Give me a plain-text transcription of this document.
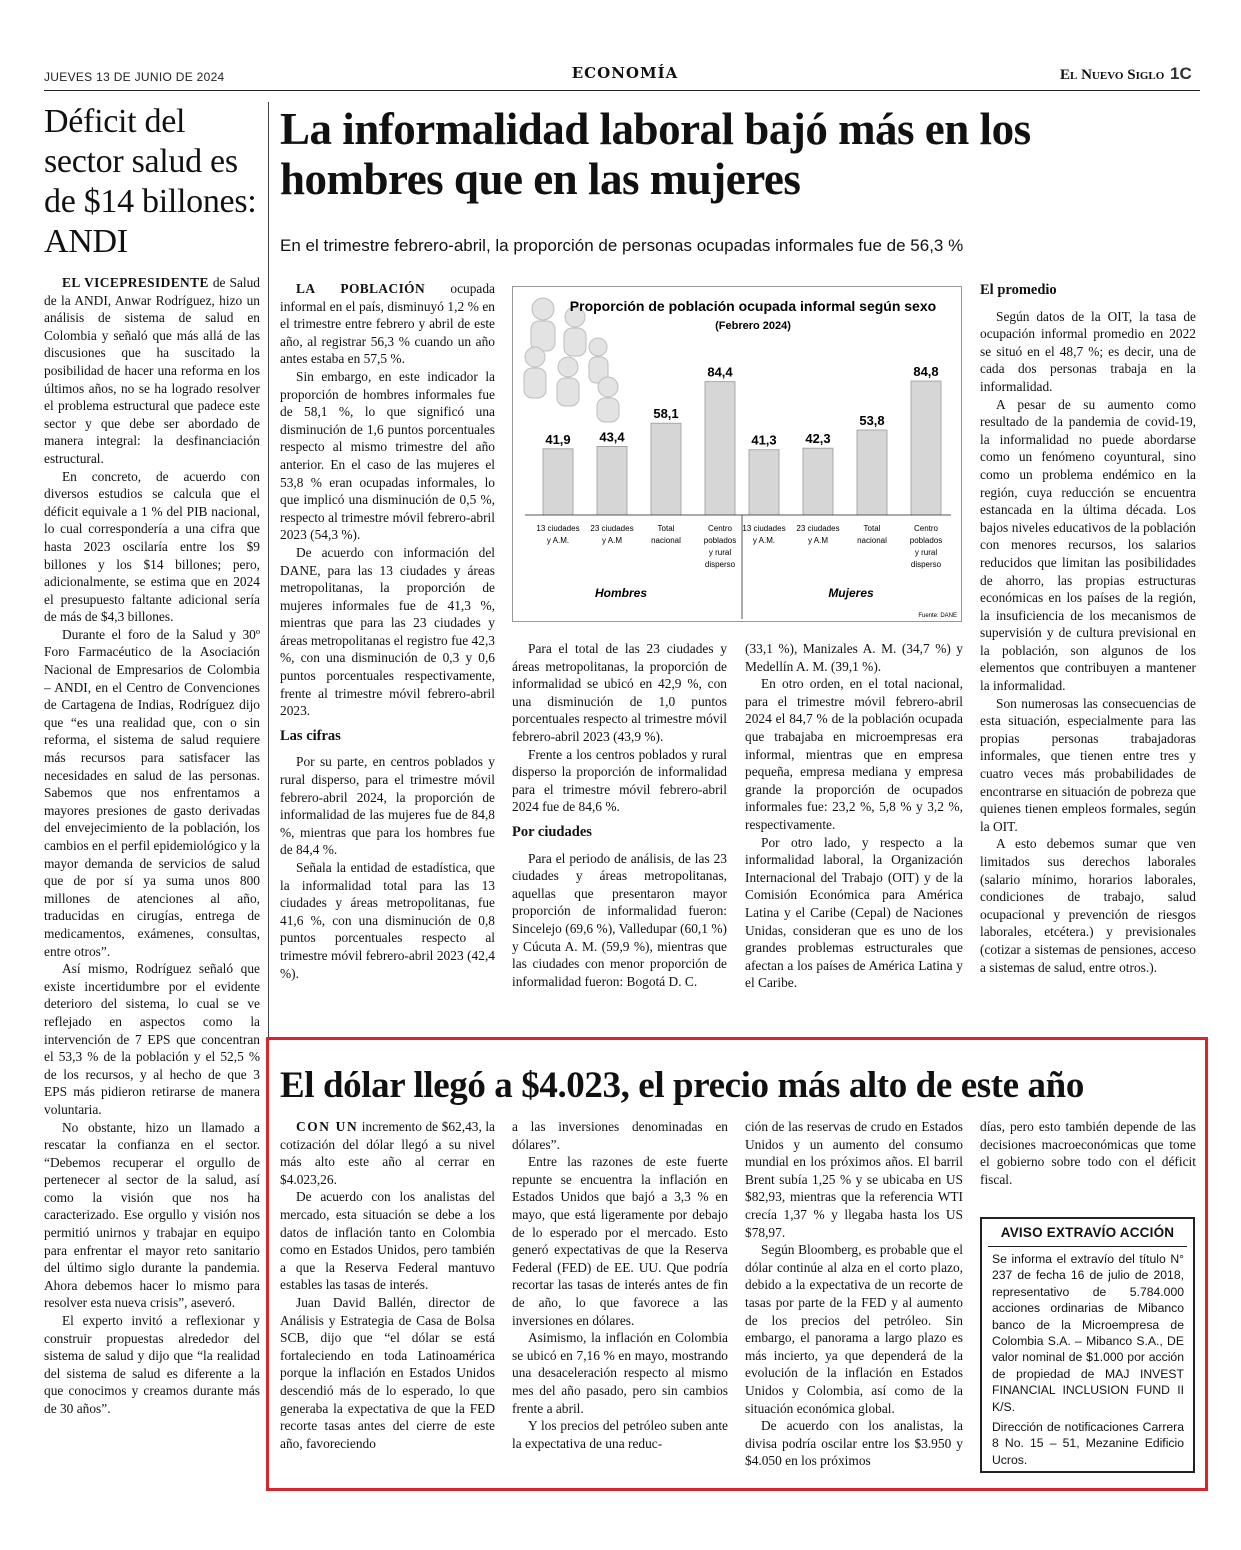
JUEVES 13 DE JUNIO DE 2024	ECONOMÍA	El Nuevo Siglo 1C
Déficit del sector salud es de $14 billones: ANDI

EL VICEPRESIDENTE de Salud de la ANDI, Anwar Rodríguez, hizo un análisis de sistema de salud en Colombia y señaló que más allá de las discusiones que ha suscitado la posibilidad de hacer una reforma en los últimos años, no se ha logrado resolver el problema estructural que padece este sector y que debe ser abordado de manera integral: la desfinanciación estructural.

En concreto, de acuerdo con diversos estudios se calcula que el déficit equivale a 1 % del PIB nacional, lo cual correspondería a una cifra que hasta 2023 oscilaría entre los $9 billones y los $14 billones; pero, adicionalmente, se estima que en 2024 el presupuesto faltante adicional sería de más de $4,3 billones.

Durante el foro de la Salud y 30º Foro Farmacéutico de la Asociación Nacional de Empresarios de Colombia – ANDI, en el Centro de Convenciones de Cartagena de Indias, Rodríguez dijo que “es una realidad que, con o sin reforma, el sistema de salud requiere más recursos para satisfacer las necesidades en salud de las personas. Sabemos que nos enfrentamos a mayores presiones de gasto derivadas del envejecimiento de la población, los cambios en el perfil epidemiológico y la mayor demanda de servicios de salud que de por sí ya suma unos 800 millones de atenciones al año, traducidas en cirugías, entrega de medicamentos, exámenes, consultas, entre otros”.

Así mismo, Rodríguez señaló que existe incertidumbre por el evidente deterioro del sistema, lo cual se ve reflejado en aspectos como la intervención de 7 EPS que concentran el 53,3 % de la población y el 52,5 % de los recursos, y al hecho de que 3 EPS más pidieron retirarse de manera voluntaria.

No obstante, hizo un llamado a rescatar la confianza en el sector. “Debemos recuperar el orgullo de pertenecer al sector de la salud, así como la visión que nos ha caracterizado. Ese orgullo y visión nos permitió unirnos y trabajar en equipo para enfrentar el mayor reto sanitario del último siglo durante la pandemia. Ahora debemos hacer lo mismo para resolver esta nueva crisis”, aseveró.

El experto invitó a reflexionar y construir propuestas alrededor del sistema de salud y dijo que “la realidad del sistema de salud es diferente a la que conocimos y creamos durante más de 30 años”.

La informalidad laboral bajó más en los hombres que en las mujeres
En el trimestre febrero-abril, la proporción de personas ocupadas informales fue de 56,3 %

LA POBLACIÓN ocupada informal en el país, disminuyó 1,2 % en el trimestre entre febrero y abril de este año, al registrar 56,3 % cuando un año antes estaba en 57,5 %.

Sin embargo, en este indicador la proporción de hombres informales fue de 58,1 %, lo que significó una disminución de 1,6 puntos porcentuales respecto al mismo trimestre del año anterior. En el caso de las mujeres el 53,8 % eran ocupadas informales, lo que implicó una disminución de 0,5 %, respecto al trimestre móvil febrero-abril 2023 (54,3 %).

De acuerdo con información del DANE, para las 13 ciudades y áreas metropolitanas, la proporción de mujeres informales fue de 41,3 %, mientras que para las 23 ciudades y áreas metropolitanas el registro fue 42,3 %, con una disminución de 0,3 y 0,6 puntos porcentuales respectivamente, frente al trimestre móvil febrero-abril 2023.

Las cifras

Por su parte, en centros poblados y rural disperso, para el trimestre móvil febrero-abril 2024, la proporción de informalidad de las mujeres fue de 84,8 %, mientras que para los hombres fue de 84,4 %.

Señala la entidad de estadística, que la informalidad total para las 13 ciudades y áreas metropolitanas, fue 41,6 %, con una disminución de 0,8 puntos porcentuales respecto al trimestre móvil febrero-abril 2023 (42,4 %).

Proporción de población ocupada informal según sexo
(Febrero 2024)
41,9 43,4
58,1
84,4
41,3 42,3
53,8
84,8
13 ciudades
y A.M.
23 ciudades
y A.M
Total
nacional
Centro
poblados
y rural
disperso
13 ciudades
y A.M.
23 ciudades
y A.M
Total
nacional
Centro
poblados
y rural
disperso
Hombres	Mujeres
Fuente: DANE

Para el total de las 23 ciudades y áreas metropolitanas, la proporción de informalidad se ubicó en 42,9 %, con una disminución de 1,0 puntos porcentuales respecto al trimestre móvil febrero-abril 2023 (43,9 %).

Frente a los centros poblados y rural disperso la proporción de informalidad para el trimestre móvil febrero-abril 2024 fue de 84,6 %.

Por ciudades

Para el periodo de análisis, de las 23 ciudades y áreas metropolitanas, aquellas que presentaron mayor proporción de informalidad fueron: Sincelejo (69,6 %), Valledupar (60,1 %) y Cúcuta A. M. (59,9 %), mientras que las ciudades con menor proporción de informalidad fueron: Bogotá D. C.

(33,1 %), Manizales A. M. (34,7 %) y Medellín A. M. (39,1 %).

En otro orden, en el total nacional, para el trimestre móvil febrero-abril 2024 el 84,7 % de la población ocupada que trabajaba en microempresas era informal, mientras que en empresa pequeña, empresa mediana y empresa grande la proporción de ocupados informales fue: 23,2 %, 5,8 % y 3,2 %, respectivamente.

Por otro lado, y respecto a la informalidad laboral, la Organización Internacional del Trabajo (OIT) y de la Comisión Económica para América Latina y el Caribe (Cepal) de Naciones Unidas, consideran que es uno de los grandes problemas estructurales que afectan a los países de América Latina y el Caribe.

El promedio

Según datos de la OIT, la tasa de ocupación informal promedio en 2022 se situó en el 48,7 %; es decir, una de cada dos personas trabaja en la informalidad.

A pesar de su aumento como resultado de la pandemia de covid-19, la informalidad no puede abordarse como un fenómeno coyuntural, sino como un problema endémico en la región, cuya reducción se encuentra estancada en la última década. Los bajos niveles educativos de la población con menores recursos, los salarios reducidos que limitan las posibilidades de ahorro, las propias estructuras económicas en los países de la región, la insuficiencia de los mecanismos de supervisión y de cultura previsional en la población, son algunos de los elementos que contribuyen a mantener la informalidad.

Son numerosas las consecuencias de esta situación, especialmente para las propias personas trabajadoras informales, que tienen entre tres y cuatro veces más probabilidades de encontrarse en situación de pobreza que quienes tienen empleos formales, según la OIT.

A esto debemos sumar que ven limitados sus derechos laborales (salario mínimo, horarios laborales, condiciones de trabajo, salud ocupacional y prevención de riesgos laborales, etcétera.) y previsionales (cotizar a sistemas de pensiones, acceso a sistemas de salud, entre otros.).

El dólar llegó a $4.023, el precio más alto de este año

CON UN incremento de $62,43, la cotización del dólar llegó a su nivel más alto este año al cerrar en $4.023,26.

De acuerdo con los analistas del mercado, esta situación se debe a los datos de inflación tanto en Colombia como en Estados Unidos, pero también a que la Reserva Federal mantuvo estables las tasas de interés.

Juan David Ballén, director de Análisis y Estrategia de Casa de Bolsa SCB, dijo que “el dólar se está fortaleciendo en toda Latinoamérica porque la inflación en Estados Unidos descendió más de lo esperado, lo que generaba la expectativa de que la FED recorte tasas antes del cierre de este año, favoreciendo

a las inversiones denominadas en dólares”.

Entre las razones de este fuerte repunte se encuentra la inflación en Estados Unidos que bajó a 3,3 % en mayo, que está ligeramente por debajo de lo esperado por el mercado. Esto generó expectativas de que la Reserva Federal (FED) de EE. UU. Que podría recortar las tasas de interés antes de fin de año, lo que favorece a las inversiones en dólares.

Asimismo, la inflación en Colombia se ubicó en 7,16 % en mayo, mostrando una desaceleración respecto al mismo mes del año pasado, pero sin cambios frente a abril.

Y los precios del petróleo suben ante la expectativa de una reduc-

ción de las reservas de crudo en Estados Unidos y un aumento del consumo mundial en los próximos años. El barril Brent subía 1,25 % y se ubicaba en US $82,93, mientras que la referencia WTI crecía 1,37 % y llegaba hasta los US $78,97.

Según Bloomberg, es probable que el dólar continúe al alza en el corto plazo, debido a la expectativa de un recorte de tasas por parte de la FED y al aumento de los precios del petróleo. Sin embargo, el panorama a largo plazo es más incierto, ya que dependerá de la evolución de la inflación en Estados Unidos y Colombia, así como de la situación económica global.

De acuerdo con los analistas, la divisa podría oscilar entre los $3.950 y $4.050 en los próximos

días, pero esto también depende de las decisiones macroeconómicas que tome el gobierno sobre todo con el déficit fiscal.

AVISO EXTRAVÍO ACCIÓN

Se informa el extravío del título N° 237 de fecha 16 de julio de 2018, representativo de 5.784.000 acciones ordinarias de Mibanco banco de la Microempresa de Colombia S.A. – Mibanco S.A., DE valor nominal de $1.000 por acción de propiedad de MAJ INVEST FINANCIAL INCLUSION FUND II K/S.

Dirección de notificaciones Carrera 8 No. 15 – 51, Mezanine Edificio Ucros.
